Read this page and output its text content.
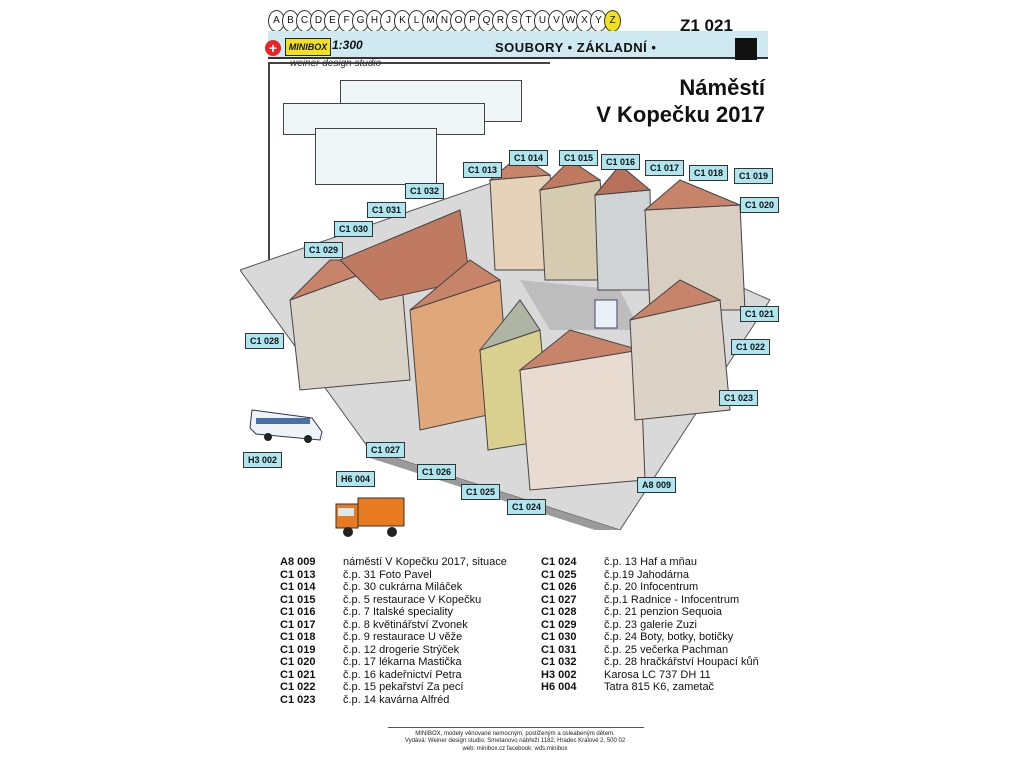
A B C D E F G H J K L M N O P Q R S T U V W X Y Z
+	MINIBOX 1:300
weiner design studio
Z1 021
SOUBORY • ZÁKLADNÍ •
Náměstí
V Kopečku 2017
C1 013
C1 014	C1 015	C1 016
C1 017	C1 018	C1 019
C1 020
C1 021
C1 022
C1 023
C1 024
C1 025
C1 026
C1 027
C1 028
C1 029
C1 030
C1 031
C1 032
H3 002
H6 004
A8 009
A8 009	náměstí V Kopečku 2017, situace
C1 013	č.p. 31 Foto Pavel
C1 014	č.p. 30 cukrárna Miláček
C1 015	č.p. 5 restaurace V Kopečku
C1 016	č.p. 7 Italské speciality
C1 017	č.p. 8 květinářství Zvonek
C1 018	č.p. 9 restaurace U věže
C1 019	č.p. 12 drogerie Strýček
C1 020	č.p. 17 lékarna Mastička
C1 021	č.p. 16 kadeřnictví Petra
C1 022	č.p. 15 pekařství Za pecí
C1 023	č.p. 14 kavárna Alfréd
C1 024	č.p. 13 Haf a mňau
C1 025	č.p.19 Jahodárna
C1 026	č.p. 20 Infocentrum
C1 027	č.p.1 Radnice - Infocentrum
C1 028	č.p. 21 penzion Sequoia
C1 029	č.p. 23 galerie Zuzi
C1 030	č.p. 24 Boty, botky, botičky
C1 031	č.p. 25 večerka Pachman
C1 032	č.p. 28 hračkářství Houpací kůň
H3 002	Karosa LC 737 DH 11
H6 004	Tatra 815 K6, zametač
MINIBOX, modely věnované nemocným, postiženým a osleabeným dětem.
Vydává: Weiner design studio, Smetanovo nábřeží 1182, Hradec Králové 2, 500 02
web: minibox.cz facebook: wds.minibox
